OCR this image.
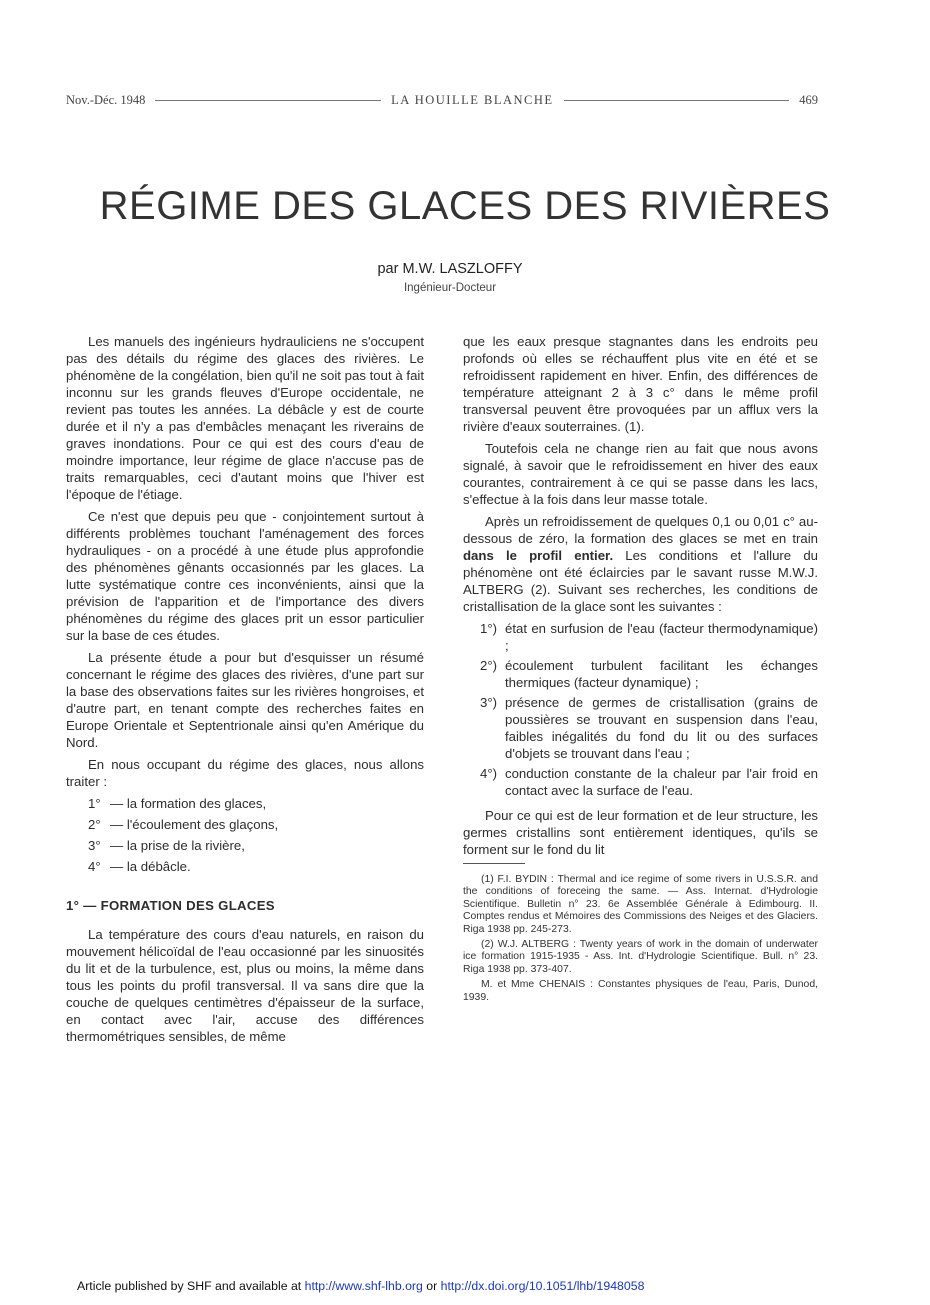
Nov.-Déc. 1948	LA HOUILLE BLANCHE	469
RÉGIME DES GLACES DES RIVIÈRES
par M.W. LASZLOFFY
Ingénieur-Docteur

Les manuels des ingénieurs hydrauliciens ne s'occupent pas des détails du régime des glaces des rivières. Le phénomène de la congélation, bien qu'il ne soit pas tout à fait inconnu sur les grands fleuves d'Europe occidentale, ne revient pas toutes les années. La débâcle y est de courte durée et il n'y a pas d'embâcles menaçant les riverains de graves inondations. Pour ce qui est des cours d'eau de moindre importance, leur régime de glace n'accuse pas de traits remarquables, ceci d'autant moins que l'hiver est l'époque de l'étiage.

Ce n'est que depuis peu que - conjointement surtout à différents problèmes touchant l'aménagement des forces hydrauliques - on a procédé à une étude plus approfondie des phénomènes gênants occasionnés par les glaces. La lutte systématique contre ces inconvénients, ainsi que la prévision de l'apparition et de l'importance des divers phénomènes du régime des glaces prit un essor particulier sur la base de ces études.

La présente étude a pour but d'esquisser un résumé concernant le régime des glaces des rivières, d'une part sur la base des observations faites sur les rivières hongroises, et d'autre part, en tenant compte des recherches faites en Europe Orientale et Septentrionale ainsi qu'en Amérique du Nord.

En nous occupant du régime des glaces, nous allons traiter :

1° — la formation des glaces,
2° — l'écoulement des glaçons,
3° — la prise de la rivière,
4° — la débâcle.
1° — FORMATION DES GLACES

La température des cours d'eau naturels, en raison du mouvement hélicoïdal de l'eau occasionné par les sinuosités du lit et de la turbulence, est, plus ou moins, la même dans tous les points du profil transversal. Il va sans dire que la couche de quelques centimètres d'épaisseur de la surface, en contact avec l'air, accuse des différences thermométriques sensibles, de même

que les eaux presque stagnantes dans les endroits peu profonds où elles se réchauffent plus vite en été et se refroidissent rapidement en hiver. Enfin, des différences de température atteignant 2 à 3 c° dans le même profil transversal peuvent être provoquées par un afflux vers la rivière d'eaux souterraines. (1).

Toutefois cela ne change rien au fait que nous avons signalé, à savoir que le refroidissement en hiver des eaux courantes, contrairement à ce qui se passe dans les lacs, s'effectue à la fois dans leur masse totale.

Après un refroidissement de quelques 0,1 ou 0,01 c° au-dessous de zéro, la formation des glaces se met en train dans le profil entier. Les conditions et l'allure du phénomène ont été éclaircies par le savant russe M.W.J. ALTBERG (2). Suivant ses recherches, les conditions de cristallisation de la glace sont les suivantes :

1°) état en surfusion de l'eau (facteur thermodynamique) ;
2°) écoulement turbulent facilitant les échanges thermiques (facteur dynamique) ;
3°) présence de germes de cristallisation (grains de poussières se trouvant en suspension dans l'eau, faibles inégalités du fond du lit ou des surfaces d'objets se trouvant dans l'eau ;
4°) conduction constante de la chaleur par l'air froid en contact avec la surface de l'eau.

Pour ce qui est de leur formation et de leur structure, les germes cristallins sont entièrement identiques, qu'ils se forment sur le fond du lit

(1) F.I. BYDIN : Thermal and ice regime of some rivers in U.S.S.R. and the conditions of foreceing the same. — Ass. Internat. d'Hydrologie Scientifique. Bulletin n° 23. 6e Assemblée Générale à Edimbourg. II. Comptes rendus et Mémoires des Commissions des Neiges et des Glaciers. Riga 1938 pp. 245-273.

(2) W.J. ALTBERG : Twenty years of work in the domain of underwater ice formation 1915-1935 - Ass. Int. d'Hydrologie Scientifique. Bull. n° 23. Riga 1938 pp. 373-407.

M. et Mme CHENAIS : Constantes physiques de l'eau, Paris, Dunod, 1939.

Article published by SHF and available at http://www.shf-lhb.org or http://dx.doi.org/10.1051/lhb/1948058
